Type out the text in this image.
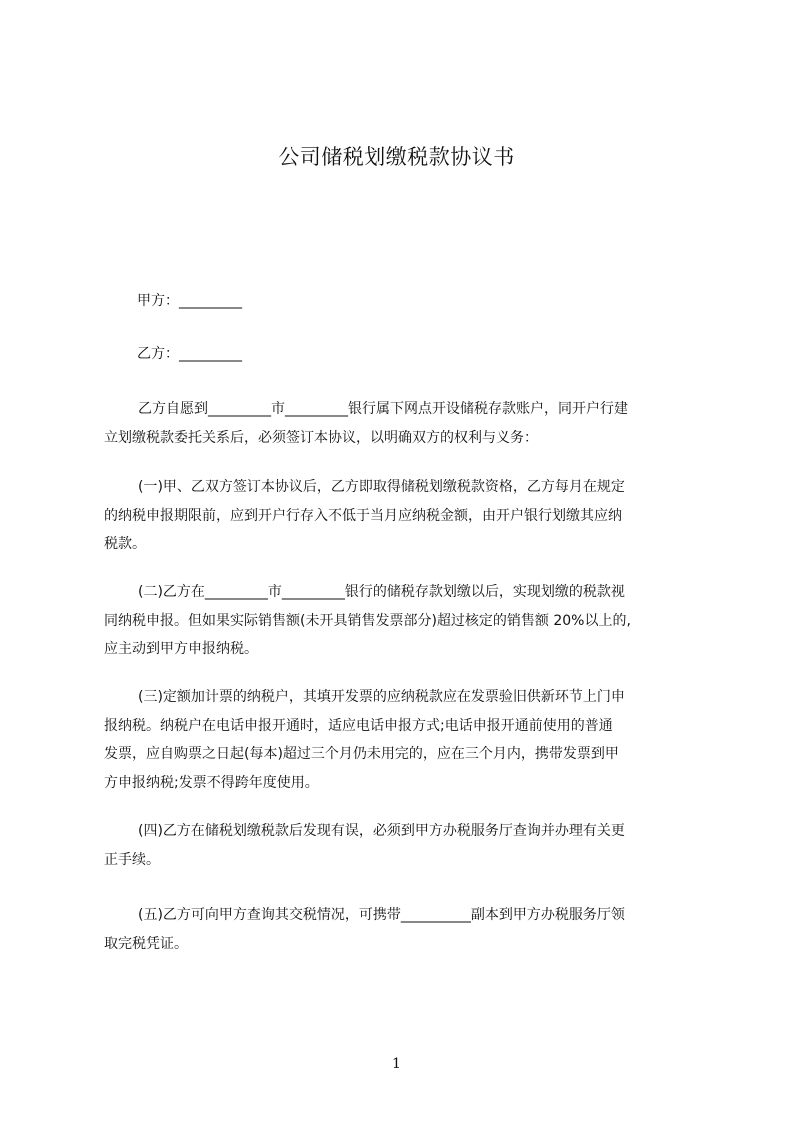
公司储税划缴税款协议书
甲方：_________
乙方：_________
乙方自愿到_________市_________银行属下网点开设储税存款账户，同开户行建
立划缴税款委托关系后，必须签订本协议，以明确双方的权利与义务：
(一)甲、乙双方签订本协议后，乙方即取得储税划缴税款资格，乙方每月在规定
的纳税申报期限前，应到开户行存入不低于当月应纳税金额，由开户银行划缴其应纳
税款。
(二)乙方在_________市_________银行的储税存款划缴以后，实现划缴的税款视
同纳税申报。但如果实际销售额(未开具销售发票部分)超过核定的销售额 20%以上的,
应主动到甲方申报纳税。
(三)定额加计票的纳税户，其填开发票的应纳税款应在发票验旧供新环节上门申
报纳税。纳税户在电话申报开通时，适应电话申报方式;电话申报开通前使用的普通
发票，应自购票之日起(每本)超过三个月仍未用完的，应在三个月内，携带发票到甲
方申报纳税;发票不得跨年度使用。
(四)乙方在储税划缴税款后发现有误，必须到甲方办税服务厅查询并办理有关更
正手续。
(五)乙方可向甲方查询其交税情况，可携带__________副本到甲方办税服务厅领
取完税凭证。
1
